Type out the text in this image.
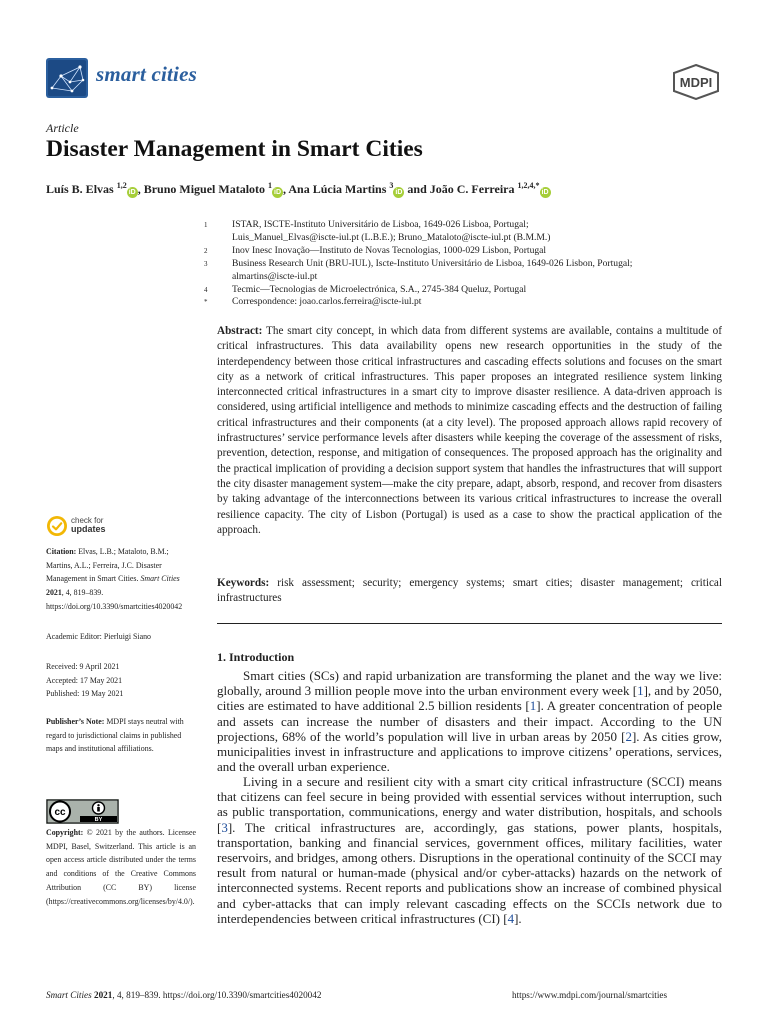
smart cities	MDPI
Article
Disaster Management in Smart Cities
Luís B. Elvas $^{1,2}$iD , Bruno Miguel Mataloto $^1$iD , Ana Lúcia Martins $^3$iD and João C. Ferreira $^{1,2,4,*}$iD
1	ISTAR, ISCTE-Instituto Universitário de Lisboa, 1649-026 Lisboa, Portugal;
Luis_Manuel_Elvas@iscte-iul.pt (L.B.E.); Bruno_Mataloto@iscte-iul.pt (B.M.M.)
2	Inov Inesc Inovação—Instituto de Novas Tecnologias, 1000-029 Lisbon, Portugal
3	Business Research Unit (BRU-IUL), Iscte-Instituto Universitário de Lisboa, 1649-026 Lisbon, Portugal;
almartins@iscte-iul.pt
4	Tecmic—Tecnologias de Microelectrónica, S.A., 2745-384 Queluz, Portugal
*	Correspondence: joao.carlos.ferreira@iscte-iul.pt
Abstract: The smart city concept, in which data from different systems are available, contains a multitude of critical infrastructures. This data availability opens new research opportunities in the study of the interdependency between those critical infrastructures and cascading effects solutions and focuses on the smart city as a network of critical infrastructures. This paper proposes an integrated resilience system linking interconnected critical infrastructures in a smart city to improve disaster resilience. A data-driven approach is considered, using artificial intelligence and methods to minimize cascading effects and the destruction of failing critical infrastructures and their components (at a city level). The proposed approach allows rapid recovery of infrastructures’ service performance levels after disasters while keeping the coverage of the assessment of risks, prevention, detection, response, and mitigation of consequences. The proposed approach has the originality and the practical implication of providing a decision support system that handles the infrastructures that will support the city disaster management system—make the city prepare, adapt, absorb, respond, and recover from disasters by taking advantage of the interconnections between its various critical infrastructures to increase the overall resilience capacity. The city of Lisbon (Portugal) is used as a case to show the practical application of the approach.
Keywords: risk assessment; security; emergency systems; smart cities; disaster management; critical infrastructures
check for
updates
Citation: Elvas, L.B.; Mataloto, B.M.; Martins, A.L.; Ferreira, J.C. Disaster Management in Smart Cities. Smart Cities 2021, 4, 819–839. https://doi.org/10.3390/smartcities4020042
Academic Editor: Pierluigi Siano
Received: 9 April 2021
Accepted: 17 May 2021
Published: 19 May 2021
Publisher’s Note: MDPI stays neutral with regard to jurisdictional claims in published maps and institutional affiliations.
BY
cc
Copyright: © 2021 by the authors. Licensee MDPI, Basel, Switzerland. This article is an open access article distributed under the terms and conditions of the Creative Commons Attribution (CC BY) license (https://creativecommons.org/licenses/by/4.0/).
1. Introduction
Smart cities (SCs) and rapid urbanization are transforming the planet and the way we live: globally, around 3 million people move into the urban environment every week [1], and by 2050, cities are estimated to have additional 2.5 billion residents [1]. A greater concentration of people and assets can increase the number of disasters and their impact. According to the UN projections, 68% of the world’s population will live in urban areas by 2050 [2]. As cities grow, municipalities invest in infrastructure and applications to improve citizens’ operations, services, and the overall urban experience.
Living in a secure and resilient city with a smart city critical infrastructure (SCCI) means that citizens can feel secure in being provided with essential services without interruption, such as public transportation, communications, energy and water distribution, hospitals, and schools [3]. The critical infrastructures are, accordingly, gas stations, power plants, hospitals, transportation, banking and financial services, government offices, military facilities, water reservoirs, and bridges, among others. Disruptions in the operational continuity of the SCCI may result from natural or human-made (physical and/or cyber-attacks) hazards on the network of interconnected systems. Recent reports and publications show an increase of combined physical and cyber-attacks that can imply relevant cascading effects on the SCCIs network due to interdependencies between critical infrastructures (CI) [4].
Smart Cities 2021, 4, 819–839. https://doi.org/10.3390/smartcities4020042	https://www.mdpi.com/journal/smartcities
